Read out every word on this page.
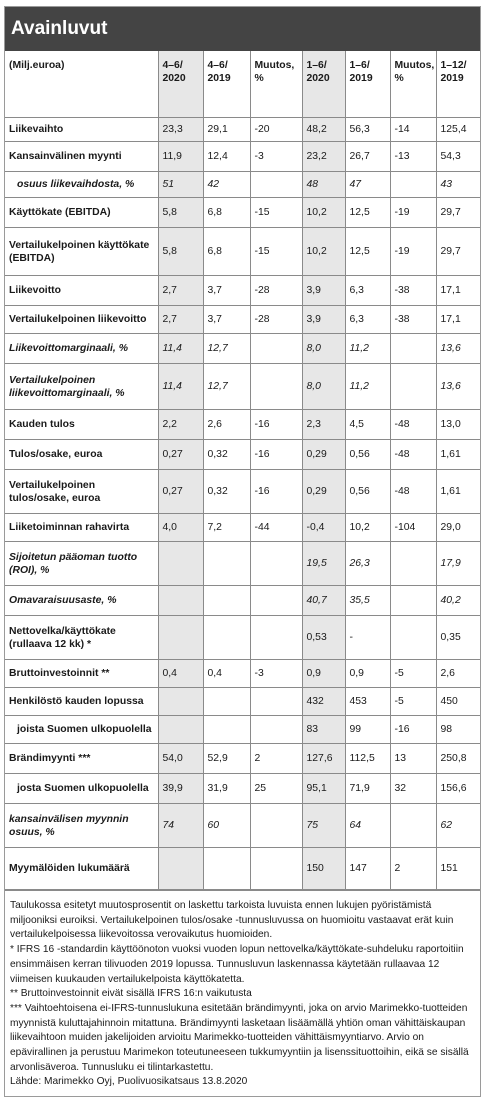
Avainluvut
(Milj.euroa)	4–6/ 2020	4–6/ 2019	Muutos, %	1–6/ 2020	1–6/ 2019	Muutos, %	1–12/ 2019
Liikevaihto	23,3	29,1	-20	48,2	56,3	-14	125,4
Kansainvälinen myynti	11,9	12,4	-3	23,2	26,7	-13	54,3
osuus liikevaihdosta, %	51	42		48	47		43
Käyttökate (EBITDA)	5,8	6,8	-15	10,2	12,5	-19	29,7
Vertailukelpoinen käyttökate (EBITDA)	5,8	6,8	-15	10,2	12,5	-19	29,7
Liikevoitto	2,7	3,7	-28	3,9	6,3	-38	17,1
Vertailukelpoinen liikevoitto	2,7	3,7	-28	3,9	6,3	-38	17,1
Liikevoittomarginaali, %	11,4	12,7		8,0	11,2		13,6
Vertailukelpoinen liikevoittomarginaali, %	11,4	12,7		8,0	11,2		13,6
Kauden tulos	2,2	2,6	-16	2,3	4,5	-48	13,0
Tulos/osake, euroa	0,27	0,32	-16	0,29	0,56	-48	1,61
Vertailukelpoinen tulos/osake, euroa	0,27	0,32	-16	0,29	0,56	-48	1,61
Liiketoiminnan rahavirta	4,0	7,2	-44	-0,4	10,2	-104	29,0
Sijoitetun pääoman tuotto (ROI), %				19,5	26,3		17,9
Omavaraisuusaste, %				40,7	35,5		40,2
Nettovelka/käyttökate (rullaava 12 kk) *				0,53	-		0,35
Bruttoinvestoinnit **	0,4	0,4	-3	0,9	0,9	-5	2,6
Henkilöstö kauden lopussa				432	453	-5	450
joista Suomen ulkopuolella				83	99	-16	98
Brändimyynti ***	54,0	52,9	2	127,6	112,5	13	250,8
josta Suomen ulkopuolella	39,9	31,9	25	95,1	71,9	32	156,6
kansainvälisen myynnin osuus, %	74	60		75	64		62
Myymälöiden lukumäärä				150	147	2	151

Taulukossa esitetyt muutosprosentit on laskettu tarkoista luvuista ennen lukujen pyöristämistä miljooniksi euroiksi. Vertailukelpoinen tulos/osake -tunnusluvussa on huomioitu vastaavat erät kuin vertailukelpoisessa liikevoitossa verovaikutus huomioiden.

* IFRS 16 -standardin käyttöönoton vuoksi vuoden lopun nettovelka/käyttökate-suhdeluku raportoitiin ensimmäisen kerran tilivuoden 2019 lopussa. Tunnusluvun laskennassa käytetään rullaavaa 12 viimeisen kuukauden vertailukelpoista käyttökatetta.

** Bruttoinvestoinnit eivät sisällä IFRS 16:n vaikutusta

*** Vaihtoehtoisena ei-IFRS-tunnuslukuna esitetään brändimyynti, joka on arvio Marimekko-tuotteiden myynnistä kuluttajahinnoin mitattuna. Brändimyynti lasketaan lisäämällä yhtiön oman vähittäiskaupan liikevaihtoon muiden jakelijoiden arvioitu Marimekko-tuotteiden vähittäismyyntiarvo. Arvio on epävirallinen ja perustuu Marimekon toteutuneeseen tukkumyyntiin ja lisenssituottoihin, eikä se sisällä arvonlisäveroa. Tunnusluku ei tilintarkastettu.

Lähde: Marimekko Oyj, Puolivuosikatsaus 13.8.2020
